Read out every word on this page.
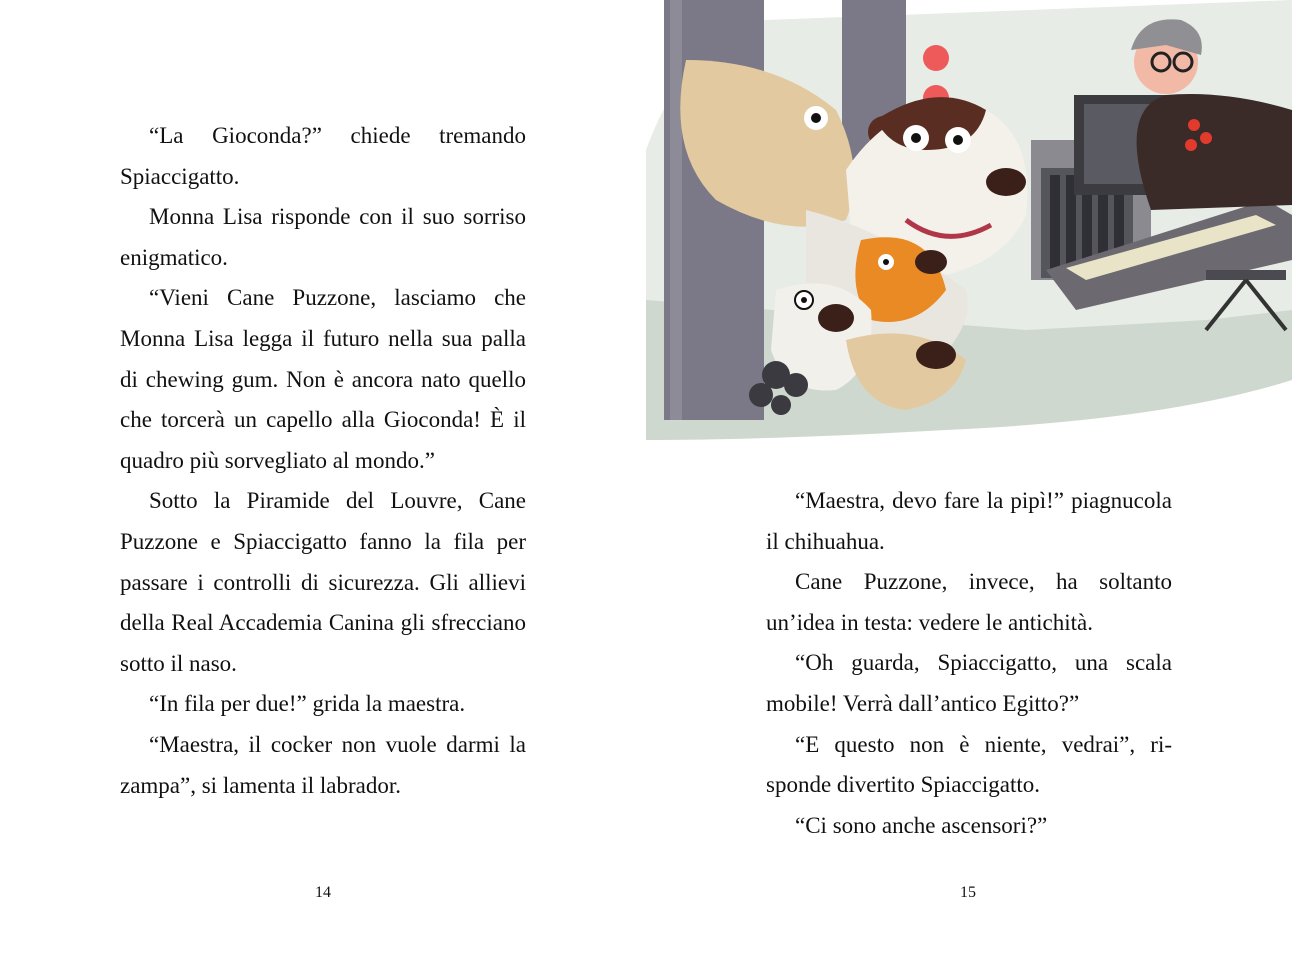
“La Gioconda?” chiede tremando Spiaccigatto.

Monna Lisa risponde con il suo sorriso enigmatico.

“Vieni Cane Puzzone, lasciamo che Monna Lisa legga il futuro nella sua palla di chewing gum. Non è ancora nato quello che torcerà un capello alla Gioconda! È il quadro più sorvegliato al mondo.”

Sotto la Piramide del Louvre, Cane Puzzone e Spiaccigatto fanno la fila per passare i controlli di sicurezza. Gli allievi della Real Accademia Canina gli sfrecciano sotto il naso.

“In fila per due!” grida la maestra.

“Maestra, il cocker non vuole darmi la zampa”, si lamenta il labrador.

14

“Maestra, devo fare la pipì!” piagnucola il chihuahua.

Cane Puzzone, invece, ha soltanto un’idea in testa: vedere le antichità.

“Oh guarda, Spiaccigatto, una scala mobile! Verrà dall’antico Egitto?”

“E questo non è niente, vedrai”, risponde divertito Spiaccigatto.

“Ci sono anche ascensori?”

15
